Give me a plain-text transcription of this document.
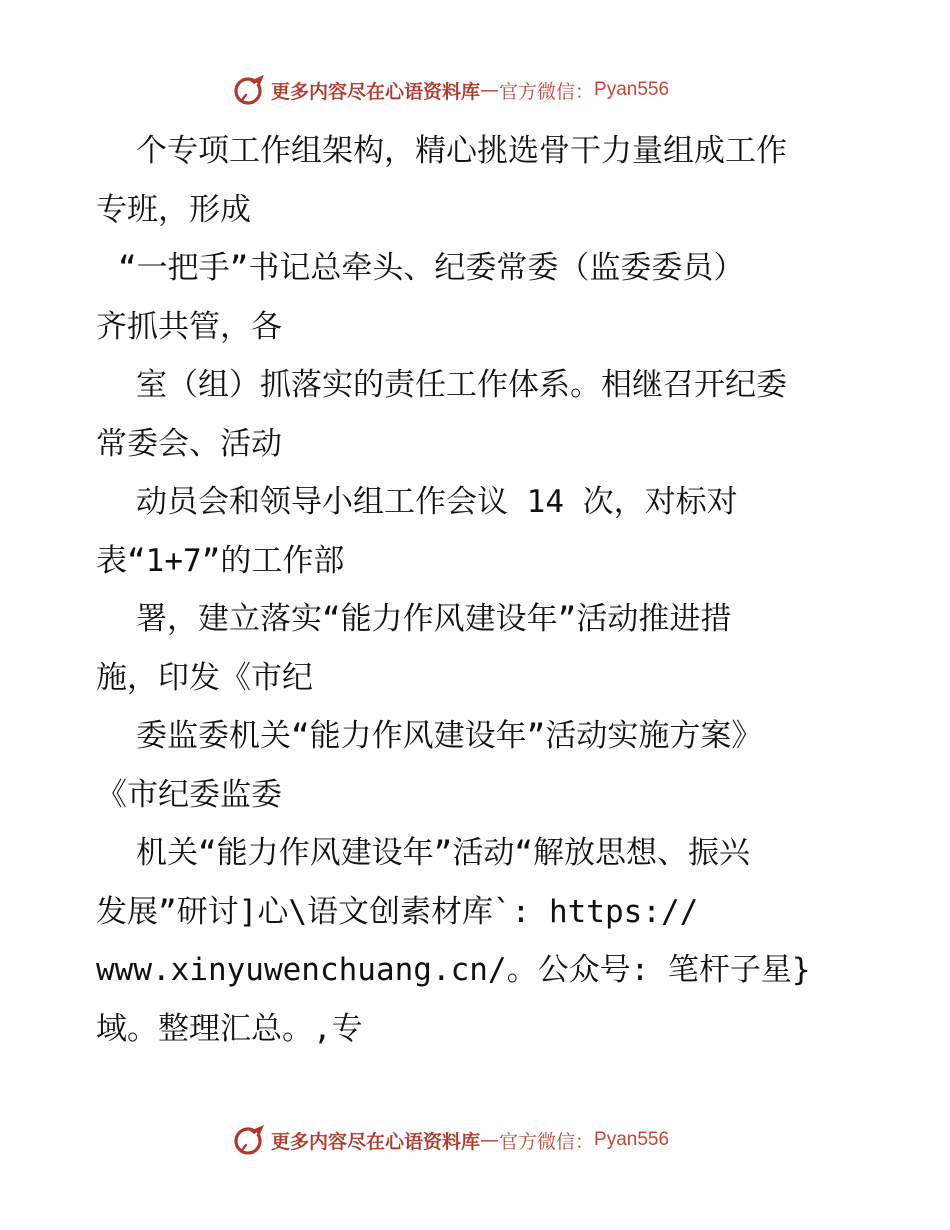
更多内容尽在心语资料库 — 官方微信： Pyan556
个专项工作组架构，精心挑选骨干力量组成工作
专班，形成
“一把手”书记总牵头、纪委常委（监委委员）
齐抓共管，各
室（组）抓落实的责任工作体系。相继召开纪委
常委会、活动
动员会和领导小组工作会议 14 次，对标对
表“1+7”的工作部
署，建立落实“能力作风建设年”活动推进措
施，印发《市纪
委监委机关“能力作风建设年”活动实施方案》
《市纪委监委
机关“能力作风建设年”活动“解放思想、振兴
发展”研讨]心\语文创素材库`: https://
www.xinyuwenchuang.cn/。公众号: 笔杆子星}
域。整理汇总。,专
更多内容尽在心语资料库 — 官方微信： Pyan556
